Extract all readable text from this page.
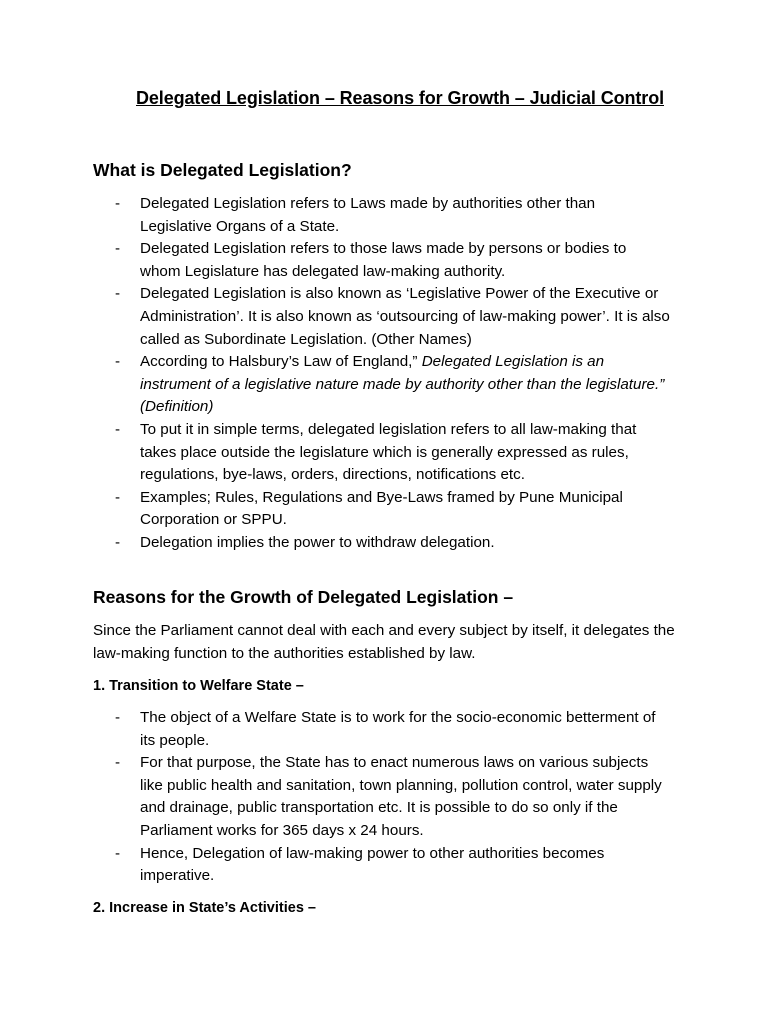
Delegated Legislation – Reasons for Growth – Judicial Control
What is Delegated Legislation?
- Delegated Legislation refers to Laws made by authorities other than Legislative Organs of a State.
- Delegated Legislation refers to those laws made by persons or bodies to whom Legislature has delegated law-making authority.
- Delegated Legislation is also known as ‘Legislative Power of the Executive or Administration’. It is also known as ‘outsourcing of law-making power’. It is also called as Subordinate Legislation. (Other Names)
- According to Halsbury’s Law of England,” Delegated Legislation is an instrument of a legislative nature made by authority other than the legislature.” (Definition)
- To put it in simple terms, delegated legislation refers to all law-making that takes place outside the legislature which is generally expressed as rules, regulations, bye-laws, orders, directions, notifications etc.
- Examples; Rules, Regulations and Bye-Laws framed by Pune Municipal Corporation or SPPU.
- Delegation implies the power to withdraw delegation.
Reasons for the Growth of Delegated Legislation –
Since the Parliament cannot deal with each and every subject by itself, it delegates the law-making function to the authorities established by law.
1. Transition to Welfare State –
- The object of a Welfare State is to work for the socio-economic betterment of its people.
- For that purpose, the State has to enact numerous laws on various subjects like public health and sanitation, town planning, pollution control, water supply and drainage, public transportation etc. It is possible to do so only if the Parliament works for 365 days x 24 hours.
- Hence, Delegation of law-making power to other authorities becomes imperative.
2. Increase in State’s Activities –
